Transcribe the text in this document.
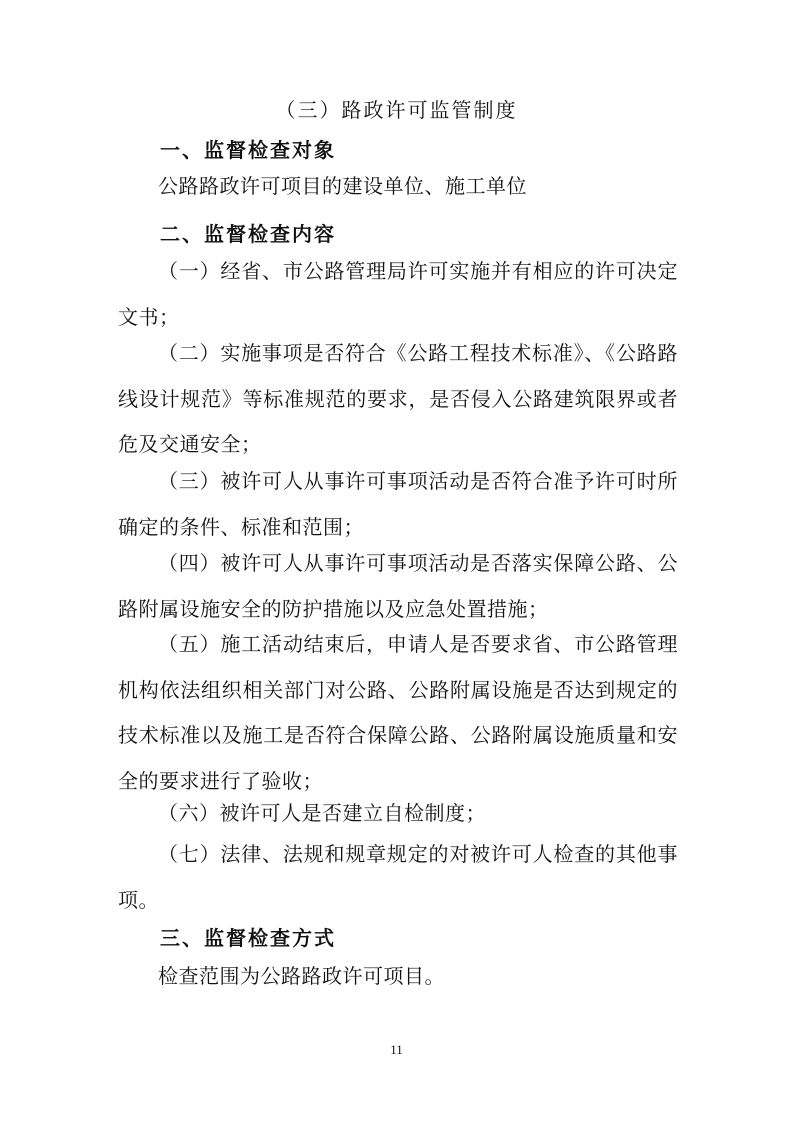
（三）路政许可监管制度
一、监督检查对象

公路路政许可项目的建设单位、施工单位

二、监督检查内容

（一）经省、市公路管理局许可实施并有相应的许可决定文书；

（二）实施事项是否符合《公路工程技术标准》、《公路路线设计规范》等标准规范的要求，是否侵入公路建筑限界或者危及交通安全；

（三）被许可人从事许可事项活动是否符合准予许可时所确定的条件、标准和范围；

（四）被许可人从事许可事项活动是否落实保障公路、公路附属设施安全的防护措施以及应急处置措施；

（五）施工活动结束后，申请人是否要求省、市公路管理机构依法组织相关部门对公路、公路附属设施是否达到规定的技术标准以及施工是否符合保障公路、公路附属设施质量和安全的要求进行了验收；

（六）被许可人是否建立自检制度；

（七）法律、法规和规章规定的对被许可人检查的其他事项。

三、监督检查方式

检查范围为公路路政许可项目。

11
